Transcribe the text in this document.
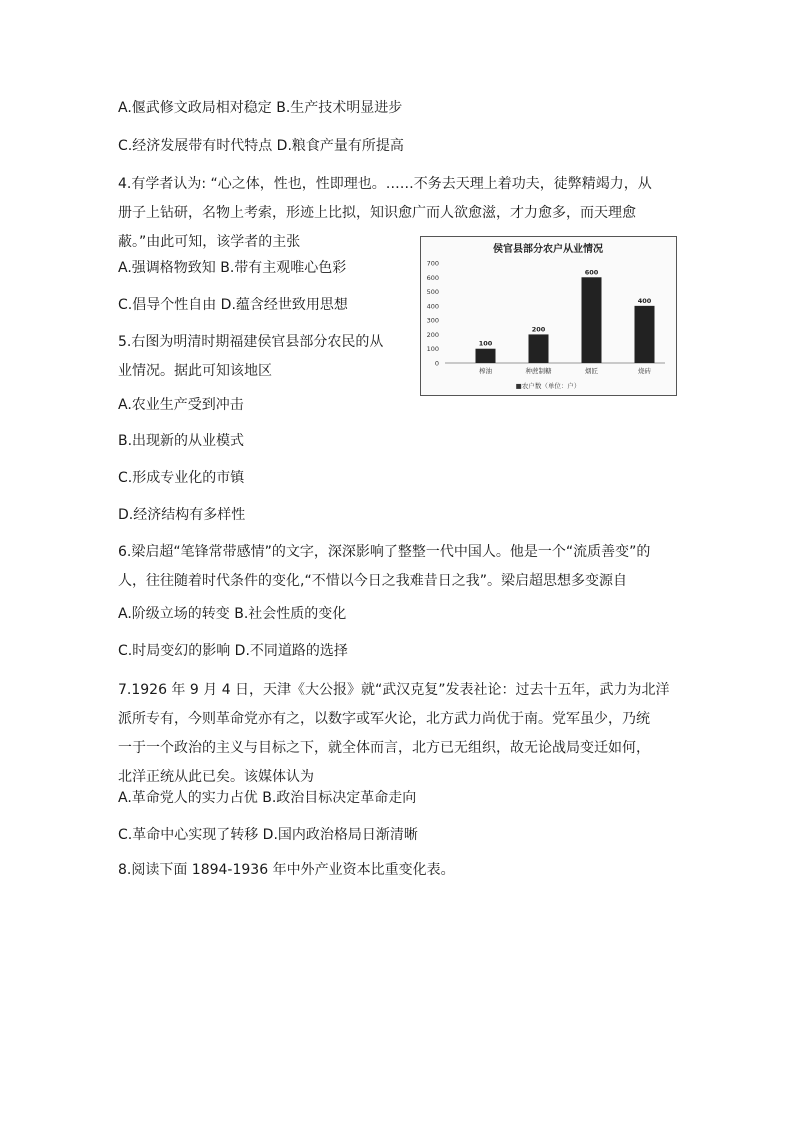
A.偃武修文政局相对稳定 B.生产技术明显进步
C.经济发展带有时代特点 D.粮食产量有所提高
4.有学者认为: “心之体，性也，性即理也。……不务去天理上着功夫，徒弊精竭力，从
册子上钻研，名物上考索，形迹上比拟，知识愈广而人欲愈滋，才力愈多，而天理愈
蔽。”由此可知，该学者的主张
A.强调格物致知 B.带有主观唯心色彩
C.倡导个性自由 D.蕴含经世致用思想
5.右图为明清时期福建侯官县部分农民的从
业情况。据此可知该地区
A.农业生产受到冲击
B.出现新的从业模式
C.形成专业化的市镇
D.经济结构有多样性
侯官县部分农户从业情况
0
100
200
300
400
500
600
700
100
200
600
400
榨油	种蔗制糖	烟匠	烧砖
■农户数（单位：户）
6.梁启超“笔锋常带感情”的文字，深深影响了整整一代中国人。他是一个“流质善变”的
人，往往随着时代条件的变化,“不惜以今日之我难昔日之我”。梁启超思想多变源自
A.阶级立场的转变 B.社会性质的变化
C.时局变幻的影响 D.不同道路的选择
7.1926 年 9 月 4 日，天津《大公报》就“武汉克复”发表社论：过去十五年，武力为北洋
派所专有，今则革命党亦有之，以数字或军火论，北方武力尚优于南。党军虽少，乃统
一于一个政治的主义与目标之下，就全体而言，北方已无组织，故无论战局变迁如何，
北洋正统从此已矣。该媒体认为
A.革命党人的实力占优 B.政治目标决定革命走向
C.革命中心实现了转移 D.国内政治格局日渐清晰
8.阅读下面 1894-1936 年中外产业资本比重变化表。
